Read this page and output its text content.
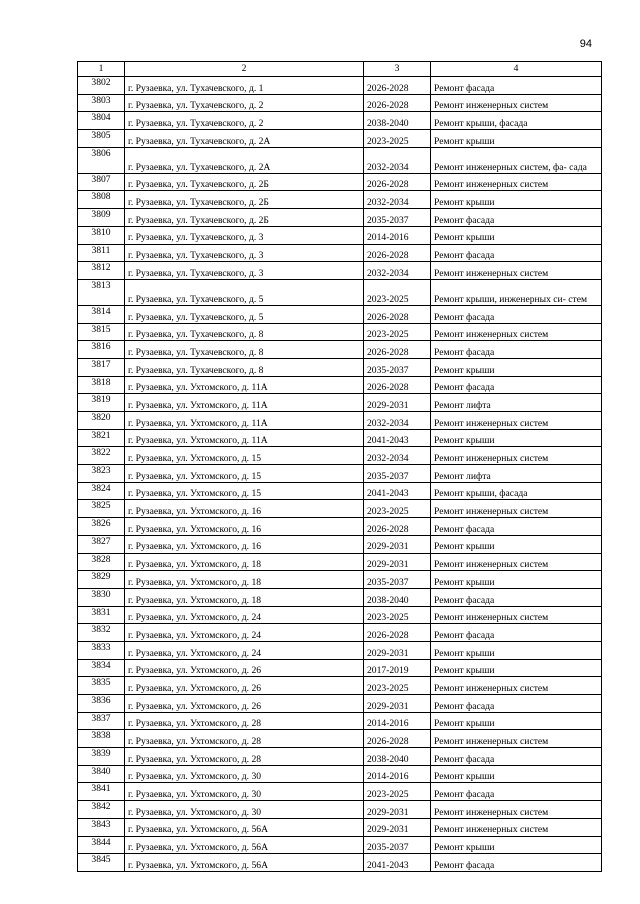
94
1	2	3	4
3802	г. Рузаевка, ул. Тухачевского, д. 1	2026-2028	Ремонт фасада
3803	г. Рузаевка, ул. Тухачевского, д. 2	2026-2028	Ремонт инженерных систем
3804	г. Рузаевка, ул. Тухачевского, д. 2	2038-2040	Ремонт крыши, фасада
3805	г. Рузаевка, ул. Тухачевского, д. 2А	2023-2025	Ремонт крыши
3806	г. Рузаевка, ул. Тухачевского, д. 2А	2032-2034	Ремонт инженерных систем, фа- сада
3807	г. Рузаевка, ул. Тухачевского, д. 2Б	2026-2028	Ремонт инженерных систем
3808	г. Рузаевка, ул. Тухачевского, д. 2Б	2032-2034	Ремонт крыши
3809	г. Рузаевка, ул. Тухачевского, д. 2Б	2035-2037	Ремонт фасада
3810	г. Рузаевка, ул. Тухачевского, д. 3	2014-2016	Ремонт крыши
3811	г. Рузаевка, ул. Тухачевского, д. 3	2026-2028	Ремонт фасада
3812	г. Рузаевка, ул. Тухачевского, д. 3	2032-2034	Ремонт инженерных систем
3813	г. Рузаевка, ул. Тухачевского, д. 5	2023-2025	Ремонт крыши, инженерных си- стем
3814	г. Рузаевка, ул. Тухачевского, д. 5	2026-2028	Ремонт фасада
3815	г. Рузаевка, ул. Тухачевского, д. 8	2023-2025	Ремонт инженерных систем
3816	г. Рузаевка, ул. Тухачевского, д. 8	2026-2028	Ремонт фасада
3817	г. Рузаевка, ул. Тухачевского, д. 8	2035-2037	Ремонт крыши
3818	г. Рузаевка, ул. Ухтомского, д. 11А	2026-2028	Ремонт фасада
3819	г. Рузаевка, ул. Ухтомского, д. 11А	2029-2031	Ремонт лифта
3820	г. Рузаевка, ул. Ухтомского, д. 11А	2032-2034	Ремонт инженерных систем
3821	г. Рузаевка, ул. Ухтомского, д. 11А	2041-2043	Ремонт крыши
3822	г. Рузаевка, ул. Ухтомского, д. 15	2032-2034	Ремонт инженерных систем
3823	г. Рузаевка, ул. Ухтомского, д. 15	2035-2037	Ремонт лифта
3824	г. Рузаевка, ул. Ухтомского, д. 15	2041-2043	Ремонт крыши, фасада
3825	г. Рузаевка, ул. Ухтомского, д. 16	2023-2025	Ремонт инженерных систем
3826	г. Рузаевка, ул. Ухтомского, д. 16	2026-2028	Ремонт фасада
3827	г. Рузаевка, ул. Ухтомского, д. 16	2029-2031	Ремонт крыши
3828	г. Рузаевка, ул. Ухтомского, д. 18	2029-2031	Ремонт инженерных систем
3829	г. Рузаевка, ул. Ухтомского, д. 18	2035-2037	Ремонт крыши
3830	г. Рузаевка, ул. Ухтомского, д. 18	2038-2040	Ремонт фасада
3831	г. Рузаевка, ул. Ухтомского, д. 24	2023-2025	Ремонт инженерных систем
3832	г. Рузаевка, ул. Ухтомского, д. 24	2026-2028	Ремонт фасада
3833	г. Рузаевка, ул. Ухтомского, д. 24	2029-2031	Ремонт крыши
3834	г. Рузаевка, ул. Ухтомского, д. 26	2017-2019	Ремонт крыши
3835	г. Рузаевка, ул. Ухтомского, д. 26	2023-2025	Ремонт инженерных систем
3836	г. Рузаевка, ул. Ухтомского, д. 26	2029-2031	Ремонт фасада
3837	г. Рузаевка, ул. Ухтомского, д. 28	2014-2016	Ремонт крыши
3838	г. Рузаевка, ул. Ухтомского, д. 28	2026-2028	Ремонт инженерных систем
3839	г. Рузаевка, ул. Ухтомского, д. 28	2038-2040	Ремонт фасада
3840	г. Рузаевка, ул. Ухтомского, д. 30	2014-2016	Ремонт крыши
3841	г. Рузаевка, ул. Ухтомского, д. 30	2023-2025	Ремонт фасада
3842	г. Рузаевка, ул. Ухтомского, д. 30	2029-2031	Ремонт инженерных систем
3843	г. Рузаевка, ул. Ухтомского, д. 56А	2029-2031	Ремонт инженерных систем
3844	г. Рузаевка, ул. Ухтомского, д. 56А	2035-2037	Ремонт крыши
3845	г. Рузаевка, ул. Ухтомского, д. 56А	2041-2043	Ремонт фасада
